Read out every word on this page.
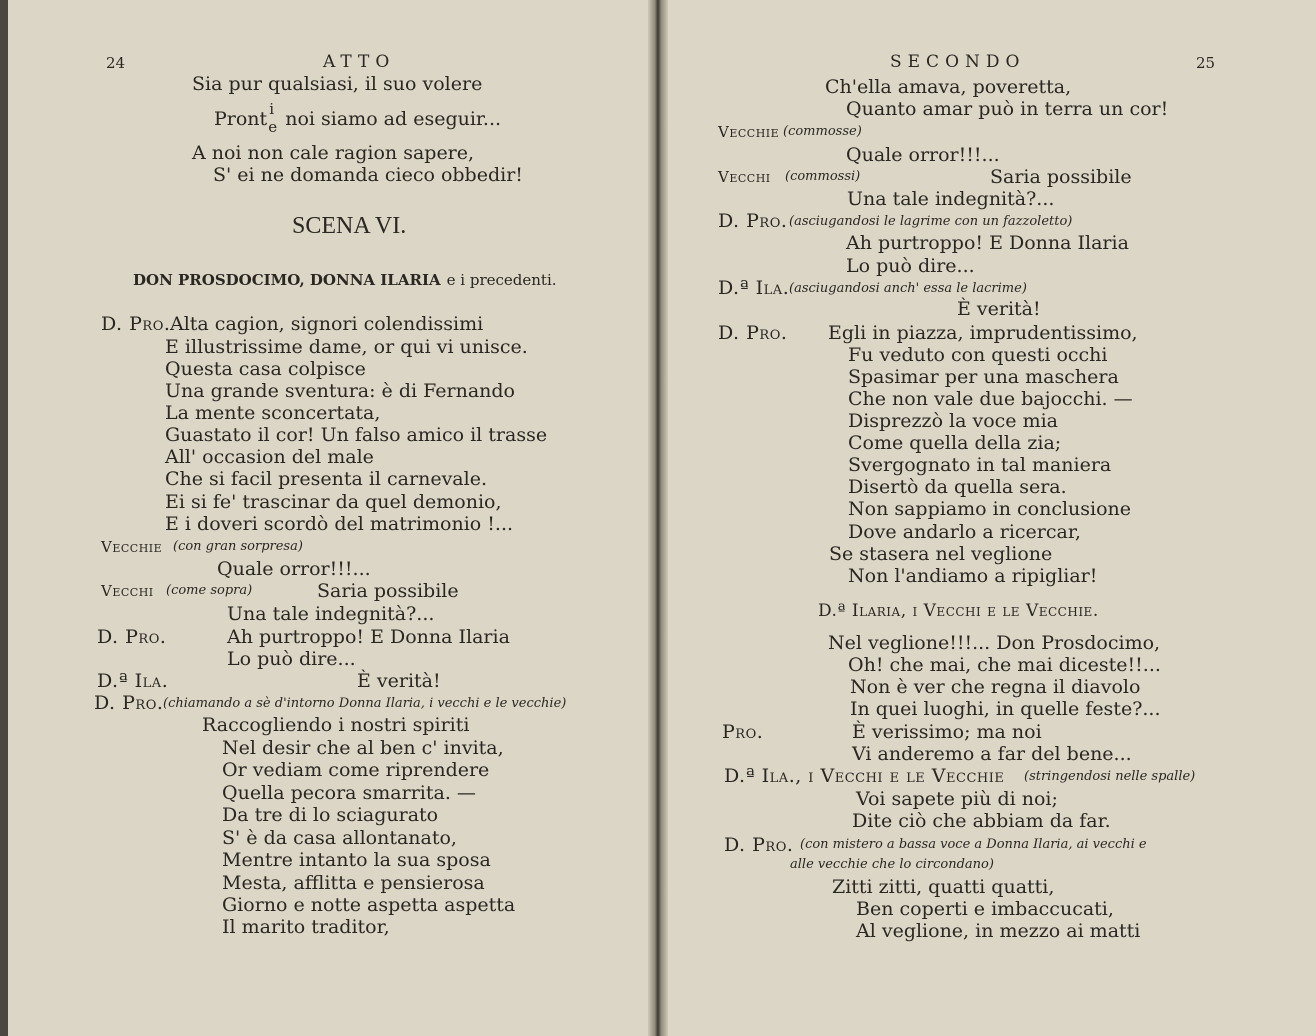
24	ATTO
Sia pur qualsiasi, il suo volere
Pront i
e noi siamo ad eseguir...
A noi non cale ragion sapere,
S' ei ne domanda cieco obbedir!
SCENA VI.
DON PROSDOCIMO, DONNA ILARIA e i precedenti.
D. Pro. Alta cagion, signori colendissimi
E illustrissime dame, or qui vi unisce.
Questa casa colpisce
Una grande sventura: è di Fernando
La mente sconcertata,
Guastato il cor! Un falso amico il trasse
All' occasion del male
Che si facil presenta il carnevale.
Ei si fe' trascinar da quel demonio,
E i doveri scordò del matrimonio !...
Vecchie (con gran sorpresa)
Quale orror!!!...
Vecchi (come sopra)	Saria possibile
Una tale indegnità?...
D. Pro.	Ah purtroppo! E Donna Ilaria
Lo può dire...
D.ª Ila.	È verità!
D. Pro. (chiamando a sè d'intorno Donna Ilaria, i vecchi e le vecchie)
Raccogliendo i nostri spiriti
Nel desir che al ben c' invita,
Or vediam come riprendere
Quella pecora smarrita. —
Da tre di lo sciagurato
S' è da casa allontanato,
Mentre intanto la sua sposa
Mesta, afflitta e pensierosa
Giorno e notte aspetta aspetta
Il marito traditor,
SECONDO	25
Ch'ella amava, poveretta,
Quanto amar può in terra un cor!
Vecchie (commosse)
Quale orror!!!...
Vecchi (commossi)	Saria possibile
Una tale indegnità?...
D. Pro. (asciugandosi le lagrime con un fazzoletto)
Ah purtroppo! E Donna Ilaria
Lo può dire...
D.ª Ila. (asciugandosi anch' essa le lacrime)
È verità!
D. Pro. Egli in piazza, imprudentissimo,
Fu veduto con questi occhi
Spasimar per una maschera
Che non vale due bajocchi. —
Disprezzò la voce mia
Come quella della zia;
Svergognato in tal maniera
Disertò da quella sera.
Non sappiamo in conclusione
Dove andarlo a ricercar,
Se stasera nel veglione
Non l'andiamo a ripigliar!
D.ª Ilaria, i Vecchi e le Vecchie.
Nel veglione!!!... Don Prosdocimo,
Oh! che mai, che mai diceste!!...
Non è ver che regna il diavolo
In quei luoghi, in quelle feste?...
Pro.	È verissimo; ma noi
Vi anderemo a far del bene...
D.ª Ila., i Vecchi e le Vecchie (stringendosi nelle spalle)
Voi sapete più di noi;
Dite ciò che abbiam da far.
D. Pro. (con mistero a bassa voce a Donna Ilaria, ai vecchi e
alle vecchie che lo circondano)
Zitti zitti, quatti quatti,
Ben coperti e imbaccucati,
Al veglione, in mezzo ai matti
